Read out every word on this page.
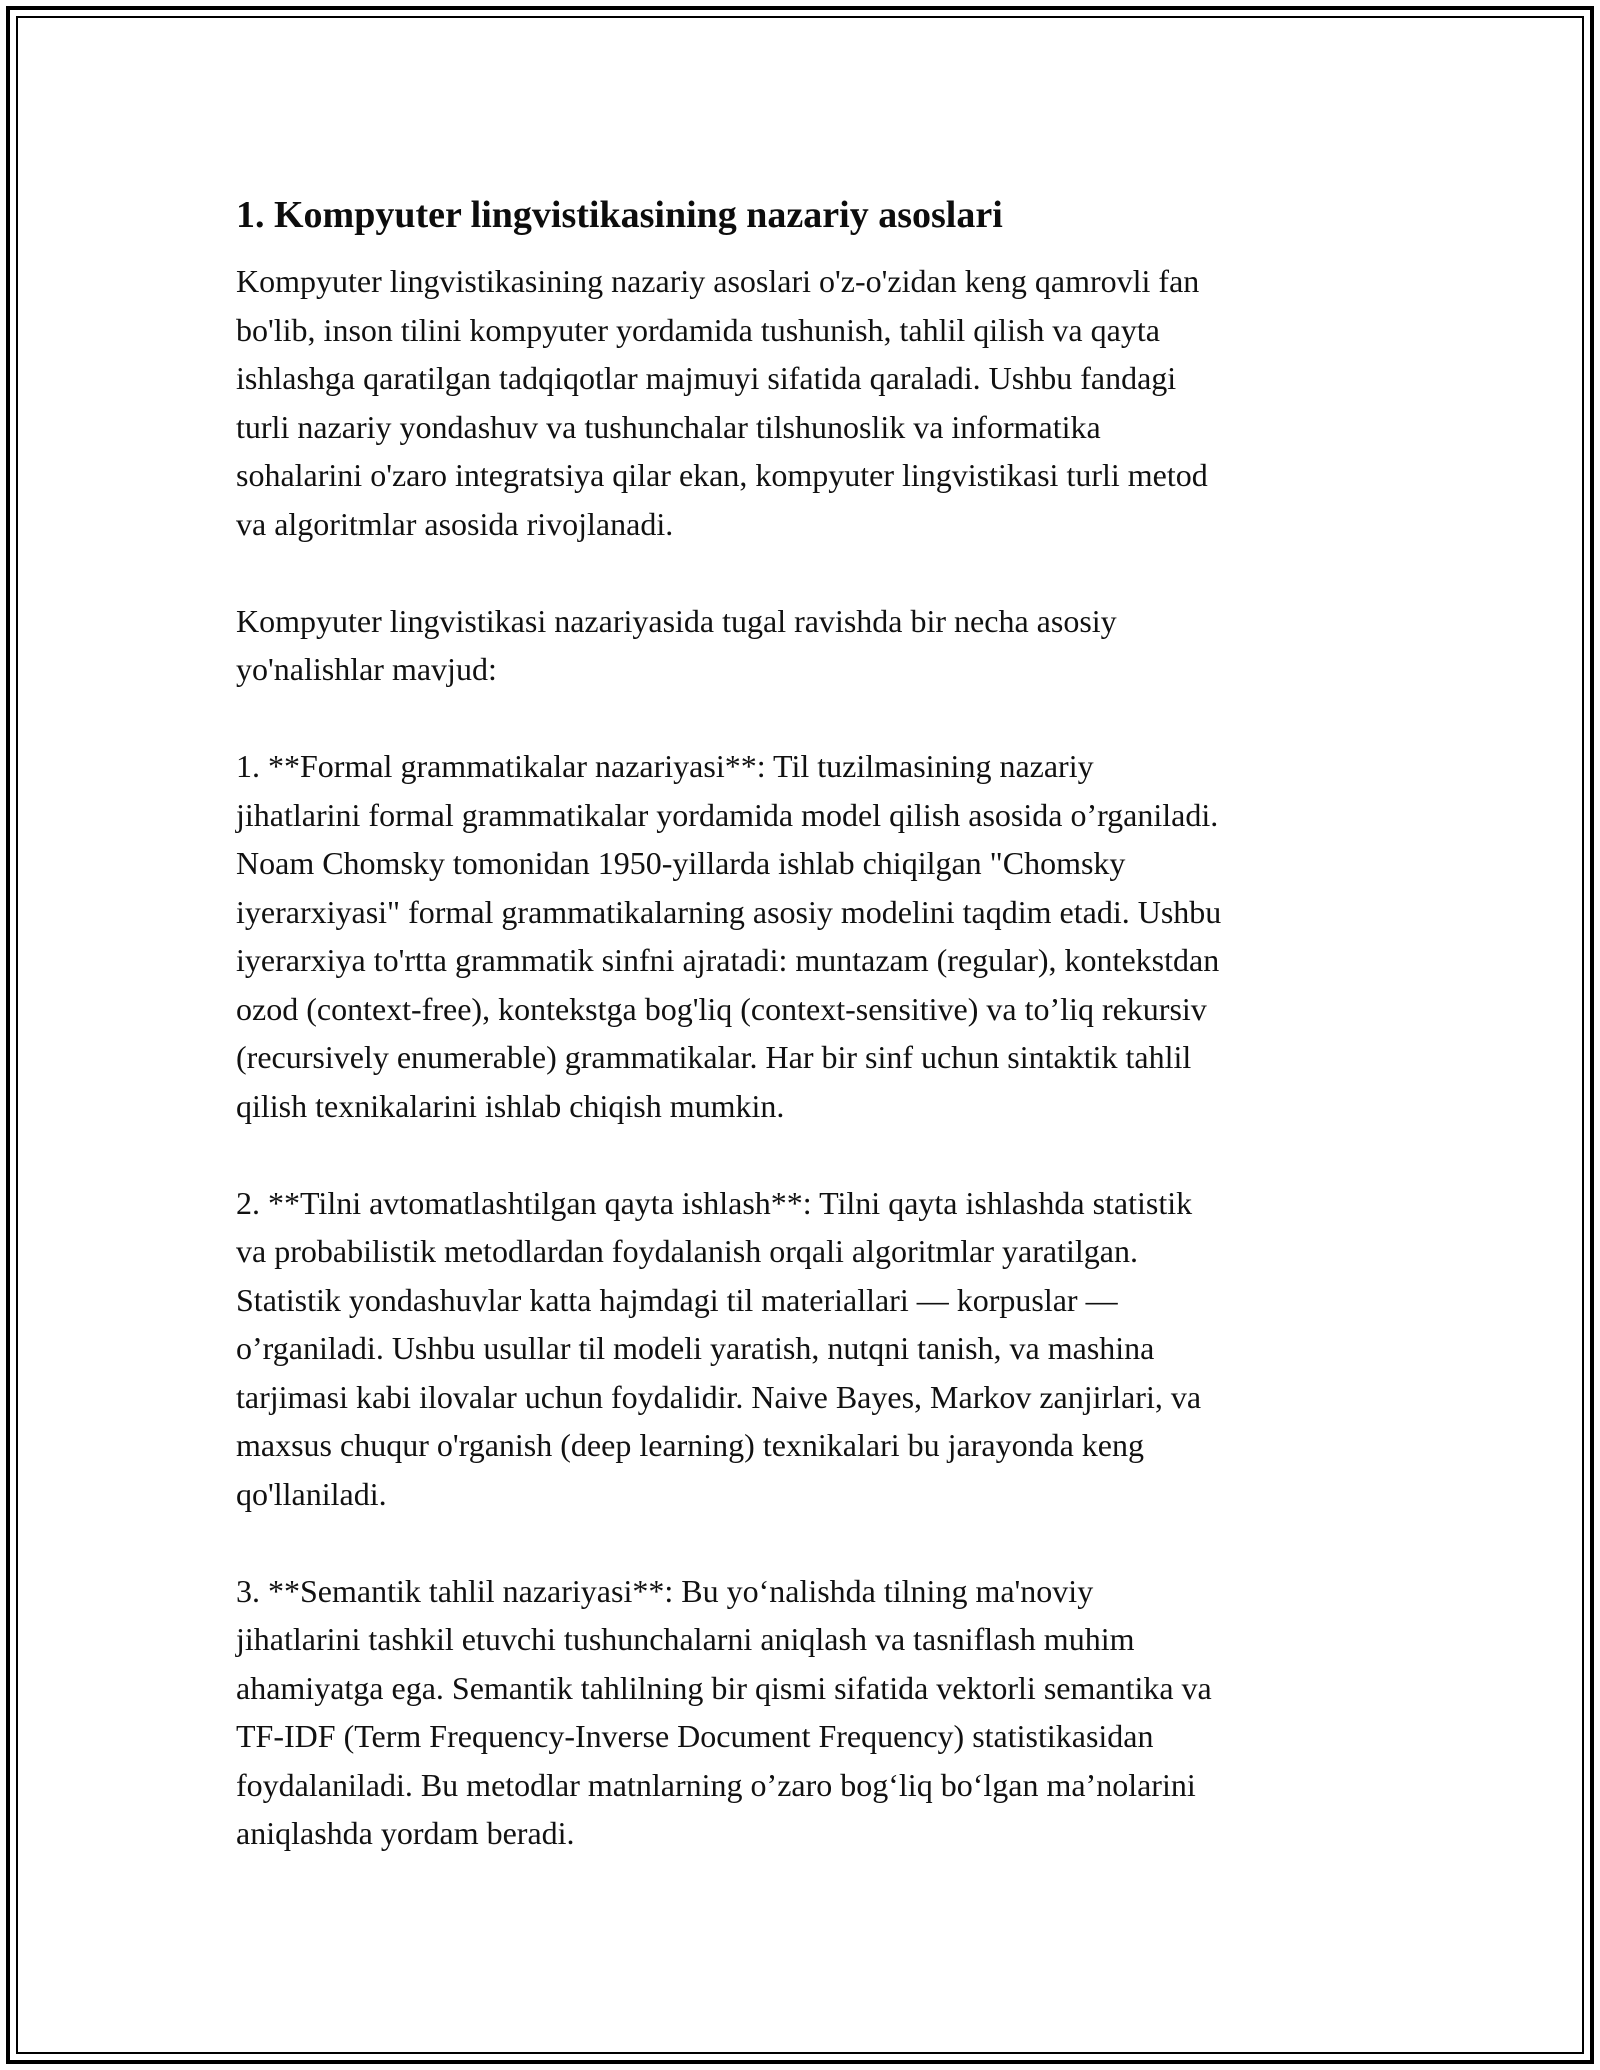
1. Kompyuter lingvistikasining nazariy asoslari

Kompyuter lingvistikasining nazariy asoslari o'z-o'zidan keng qamrovli fan
bo'lib, inson tilini kompyuter yordamida tushunish, tahlil qilish va qayta
ishlashga qaratilgan tadqiqotlar majmuyi sifatida qaraladi. Ushbu fandagi
turli nazariy yondashuv va tushunchalar tilshunoslik va informatika
sohalarini o'zaro integratsiya qilar ekan, kompyuter lingvistikasi turli metod
va algoritmlar asosida rivojlanadi.

Kompyuter lingvistikasi nazariyasida tugal ravishda bir necha asosiy
yo'nalishlar mavjud:

1. **Formal grammatikalar nazariyasi**: Til tuzilmasining nazariy
jihatlarini formal grammatikalar yordamida model qilish asosida o’rganiladi.
Noam Chomsky tomonidan 1950-yillarda ishlab chiqilgan "Chomsky
iyerarxiyasi" formal grammatikalarning asosiy modelini taqdim etadi. Ushbu
iyerarxiya to'rtta grammatik sinfni ajratadi: muntazam (regular), kontekstdan
ozod (context-free), kontekstga bog'liq (context-sensitive) va to’liq rekursiv
(recursively enumerable) grammatikalar. Har bir sinf uchun sintaktik tahlil
qilish texnikalarini ishlab chiqish mumkin.

2. **Tilni avtomatlashtilgan qayta ishlash**: Tilni qayta ishlashda statistik
va probabilistik metodlardan foydalanish orqali algoritmlar yaratilgan.
Statistik yondashuvlar katta hajmdagi til materiallari — korpuslar —
o’rganiladi. Ushbu usullar til modeli yaratish, nutqni tanish, va mashina
tarjimasi kabi ilovalar uchun foydalidir. Naive Bayes, Markov zanjirlari, va
maxsus chuqur o'rganish (deep learning) texnikalari bu jarayonda keng
qo'llaniladi.

3. **Semantik tahlil nazariyasi**: Bu yo‘nalishda tilning ma'noviy
jihatlarini tashkil etuvchi tushunchalarni aniqlash va tasniflash muhim
ahamiyatga ega. Semantik tahlilning bir qismi sifatida vektorli semantika va
TF-IDF (Term Frequency-Inverse Document Frequency) statistikasidan
foydalaniladi. Bu metodlar matnlarning o’zaro bog‘liq bo‘lgan ma’nolarini
aniqlashda yordam beradi.
